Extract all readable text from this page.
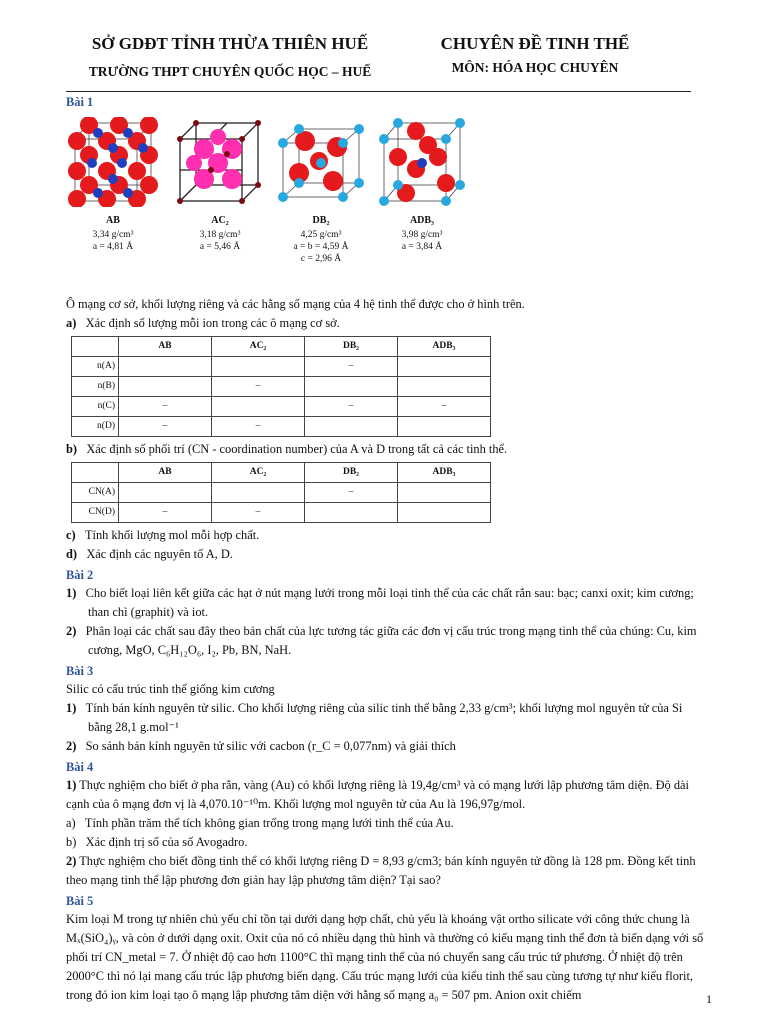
SỞ GDĐT TỈNH THỪA THIÊN HUẾ
TRƯỜNG THPT CHUYÊN QUỐC HỌC – HUẾ
CHUYÊN ĐỀ TINH THỂ
MÔN: HÓA HỌC CHUYÊN

Bài 1

AB
3,34 g/cm³
a = 4,81 Å
AC₂
3,18 g/cm³
a = 5,46 Å
DB₂
4,25 g/cm³
a = b = 4,59 Å
c = 2,96 Å
ADB₃
3,98 g/cm³
a = 3,84 Å

Ô mạng cơ sở, khối lượng riêng và các hằng số mạng của 4 hệ tinh thể được cho ở hình trên.

a) Xác định số lượng mỗi ion trong các ô mạng cơ sở.

	AB	AC₂	DB₂	ADB₃
n(A)			–	
n(B)		–		
n(C)	–		–	–
n(D)	–	–		

b) Xác định số phối trí (CN - coordination number) của A và D trong tất cả các tinh thể.

	AB	AC₂	DB₂	ADB₃
CN(A)			–	
CN(D)	–	–		

c) Tính khối lượng mol mỗi hợp chất.

d) Xác định các nguyên tố A, D.

Bài 2

1) Cho biết loại liên kết giữa các hạt ở nút mạng lưới trong mỗi loại tinh thể của các chất rắn sau: bạc; canxi oxit; kim cương; than chì (graphit) và iot.

2) Phân loại các chất sau đây theo bản chất của lực tương tác giữa các đơn vị cấu trúc trong mạng tinh thể của chúng: Cu, kim cương, MgO, C₆H₁₂O₆, I₂, Pb, BN, NaH.

Bài 3

Silic có cấu trúc tinh thể giống kim cương

1) Tính bán kính nguyên tử silic. Cho khối lượng riêng của silic tinh thể bằng 2,33 g/cm³; khối lượng mol nguyên tử của Si bằng 28,1 g.mol⁻¹

2) So sánh bán kính nguyên tử silic với cacbon (r_C = 0,077nm) và giải thích

Bài 4

1) Thực nghiệm cho biết ở pha rắn, vàng (Au) có khối lượng riêng là 19,4g/cm³ và có mạng lưới lập phương tâm diện. Độ dài cạnh của ô mạng đơn vị là 4,070.10⁻¹⁰m. Khối lượng mol nguyên tử của Au là 196,97g/mol.

a)   Tính phần trăm thể tích không gian trống trong mạng lưới tinh thể của Au.

b)   Xác định trị số của số Avogadro.

2) Thực nghiệm cho biết đồng tinh thể có khối lượng riêng D = 8,93 g/cm3; bán kính nguyên tử đồng là 128 pm. Đồng kết tinh theo mạng tinh thể lập phương đơn giản hay lập phương tâm diện? Tại sao?

Bài 5

Kim loại M trong tự nhiên chủ yếu chỉ tồn tại dưới dạng hợp chất, chủ yếu là khoáng vật ortho silicate với công thức chung là Mₓ(SiO₄)ᵧ, và còn ở dưới dạng oxit. Oxit của nó có nhiều dạng thù hình và thường có kiểu mạng tinh thể đơn tà biến dạng với số phối trí CN_metal = 7. Ở nhiệt độ cao hơn 1100°C thì mạng tinh thể của nó chuyển sang cấu trúc tứ phương. Ở nhiệt độ trên 2000°C thì nó lại mang cấu trúc lập phương biến dạng. Cấu trúc mạng lưới của kiểu tinh thể sau cùng tương tự như kiểu florit, trong đó ion kim loại tạo ô mạng lập phương tâm diện với hằng số mạng a₀ = 507 pm. Anion oxit chiếm	1
